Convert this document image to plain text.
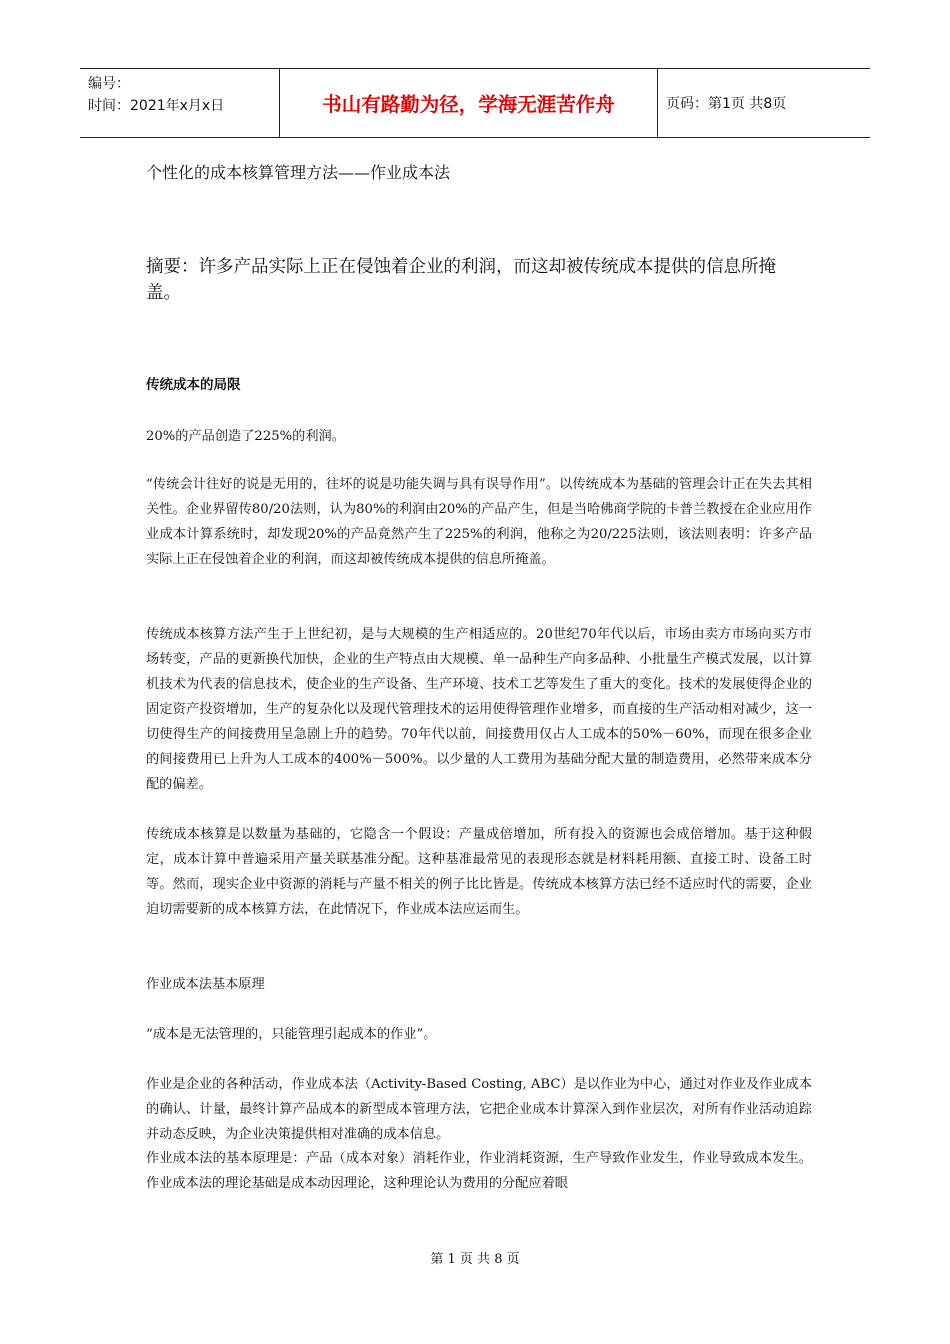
编号：
时间：2021年x月x日	书山有路勤为径，学海无涯苦作舟	页码：第1页 共8页
个性化的成本核算管理方法——作业成本法

摘要：许多产品实际上正在侵蚀着企业的利润，而这却被传统成本提供的信息所掩盖。

传统成本的局限

20%的产品创造了225%的利润。

“传统会计往好的说是无用的，往坏的说是功能失调与具有误导作用”。以传统成本为基础的管理会计正在失去其相关性。企业界留传80/20法则，认为80%的利润由20%的产品产生，但是当哈佛商学院的卡普兰教授在企业应用作业成本计算系统时，却发现20%的产品竟然产生了225%的利润，他称之为20/225法则，该法则表明：许多产品实际上正在侵蚀着企业的利润，而这却被传统成本提供的信息所掩盖。

传统成本核算方法产生于上世纪初，是与大规模的生产相适应的。20世纪70年代以后，市场由卖方市场向买方市场转变，产品的更新换代加快，企业的生产特点由大规模、单一品种生产向多品种、小批量生产模式发展，以计算机技术为代表的信息技术，使企业的生产设备、生产环境、技术工艺等发生了重大的变化。技术的发展使得企业的固定资产投资增加，生产的复杂化以及现代管理技术的运用使得管理作业增多，而直接的生产活动相对减少，这一切使得生产的间接费用呈急剧上升的趋势。70年代以前，间接费用仅占人工成本的50%－60%，而现在很多企业的间接费用已上升为人工成本的400%－500%。以少量的人工费用为基础分配大量的制造费用，必然带来成本分配的偏差。

传统成本核算是以数量为基础的，它隐含一个假设：产量成倍增加，所有投入的资源也会成倍增加。基于这种假定，成本计算中普遍采用产量关联基准分配。这种基准最常见的表现形态就是材料耗用额、直接工时、设备工时等。然而，现实企业中资源的消耗与产量不相关的例子比比皆是。传统成本核算方法已经不适应时代的需要，企业迫切需要新的成本核算方法，在此情况下，作业成本法应运而生。

作业成本法基本原理

“成本是无法管理的，只能管理引起成本的作业”。

作业是企业的各种活动，作业成本法（Activity-Based Costing, ABC）是以作业为中心，通过对作业及作业成本的确认、计量，最终计算产品成本的新型成本管理方法，它把企业成本计算深入到作业层次，对所有作业活动追踪并动态反映，为企业决策提供相对准确的成本信息。

作业成本法的基本原理是：产品（成本对象）消耗作业，作业消耗资源，生产导致作业发生，作业导致成本发生。作业成本法的理论基础是成本动因理论，这种理论认为费用的分配应着眼

第 1 页 共 8 页
